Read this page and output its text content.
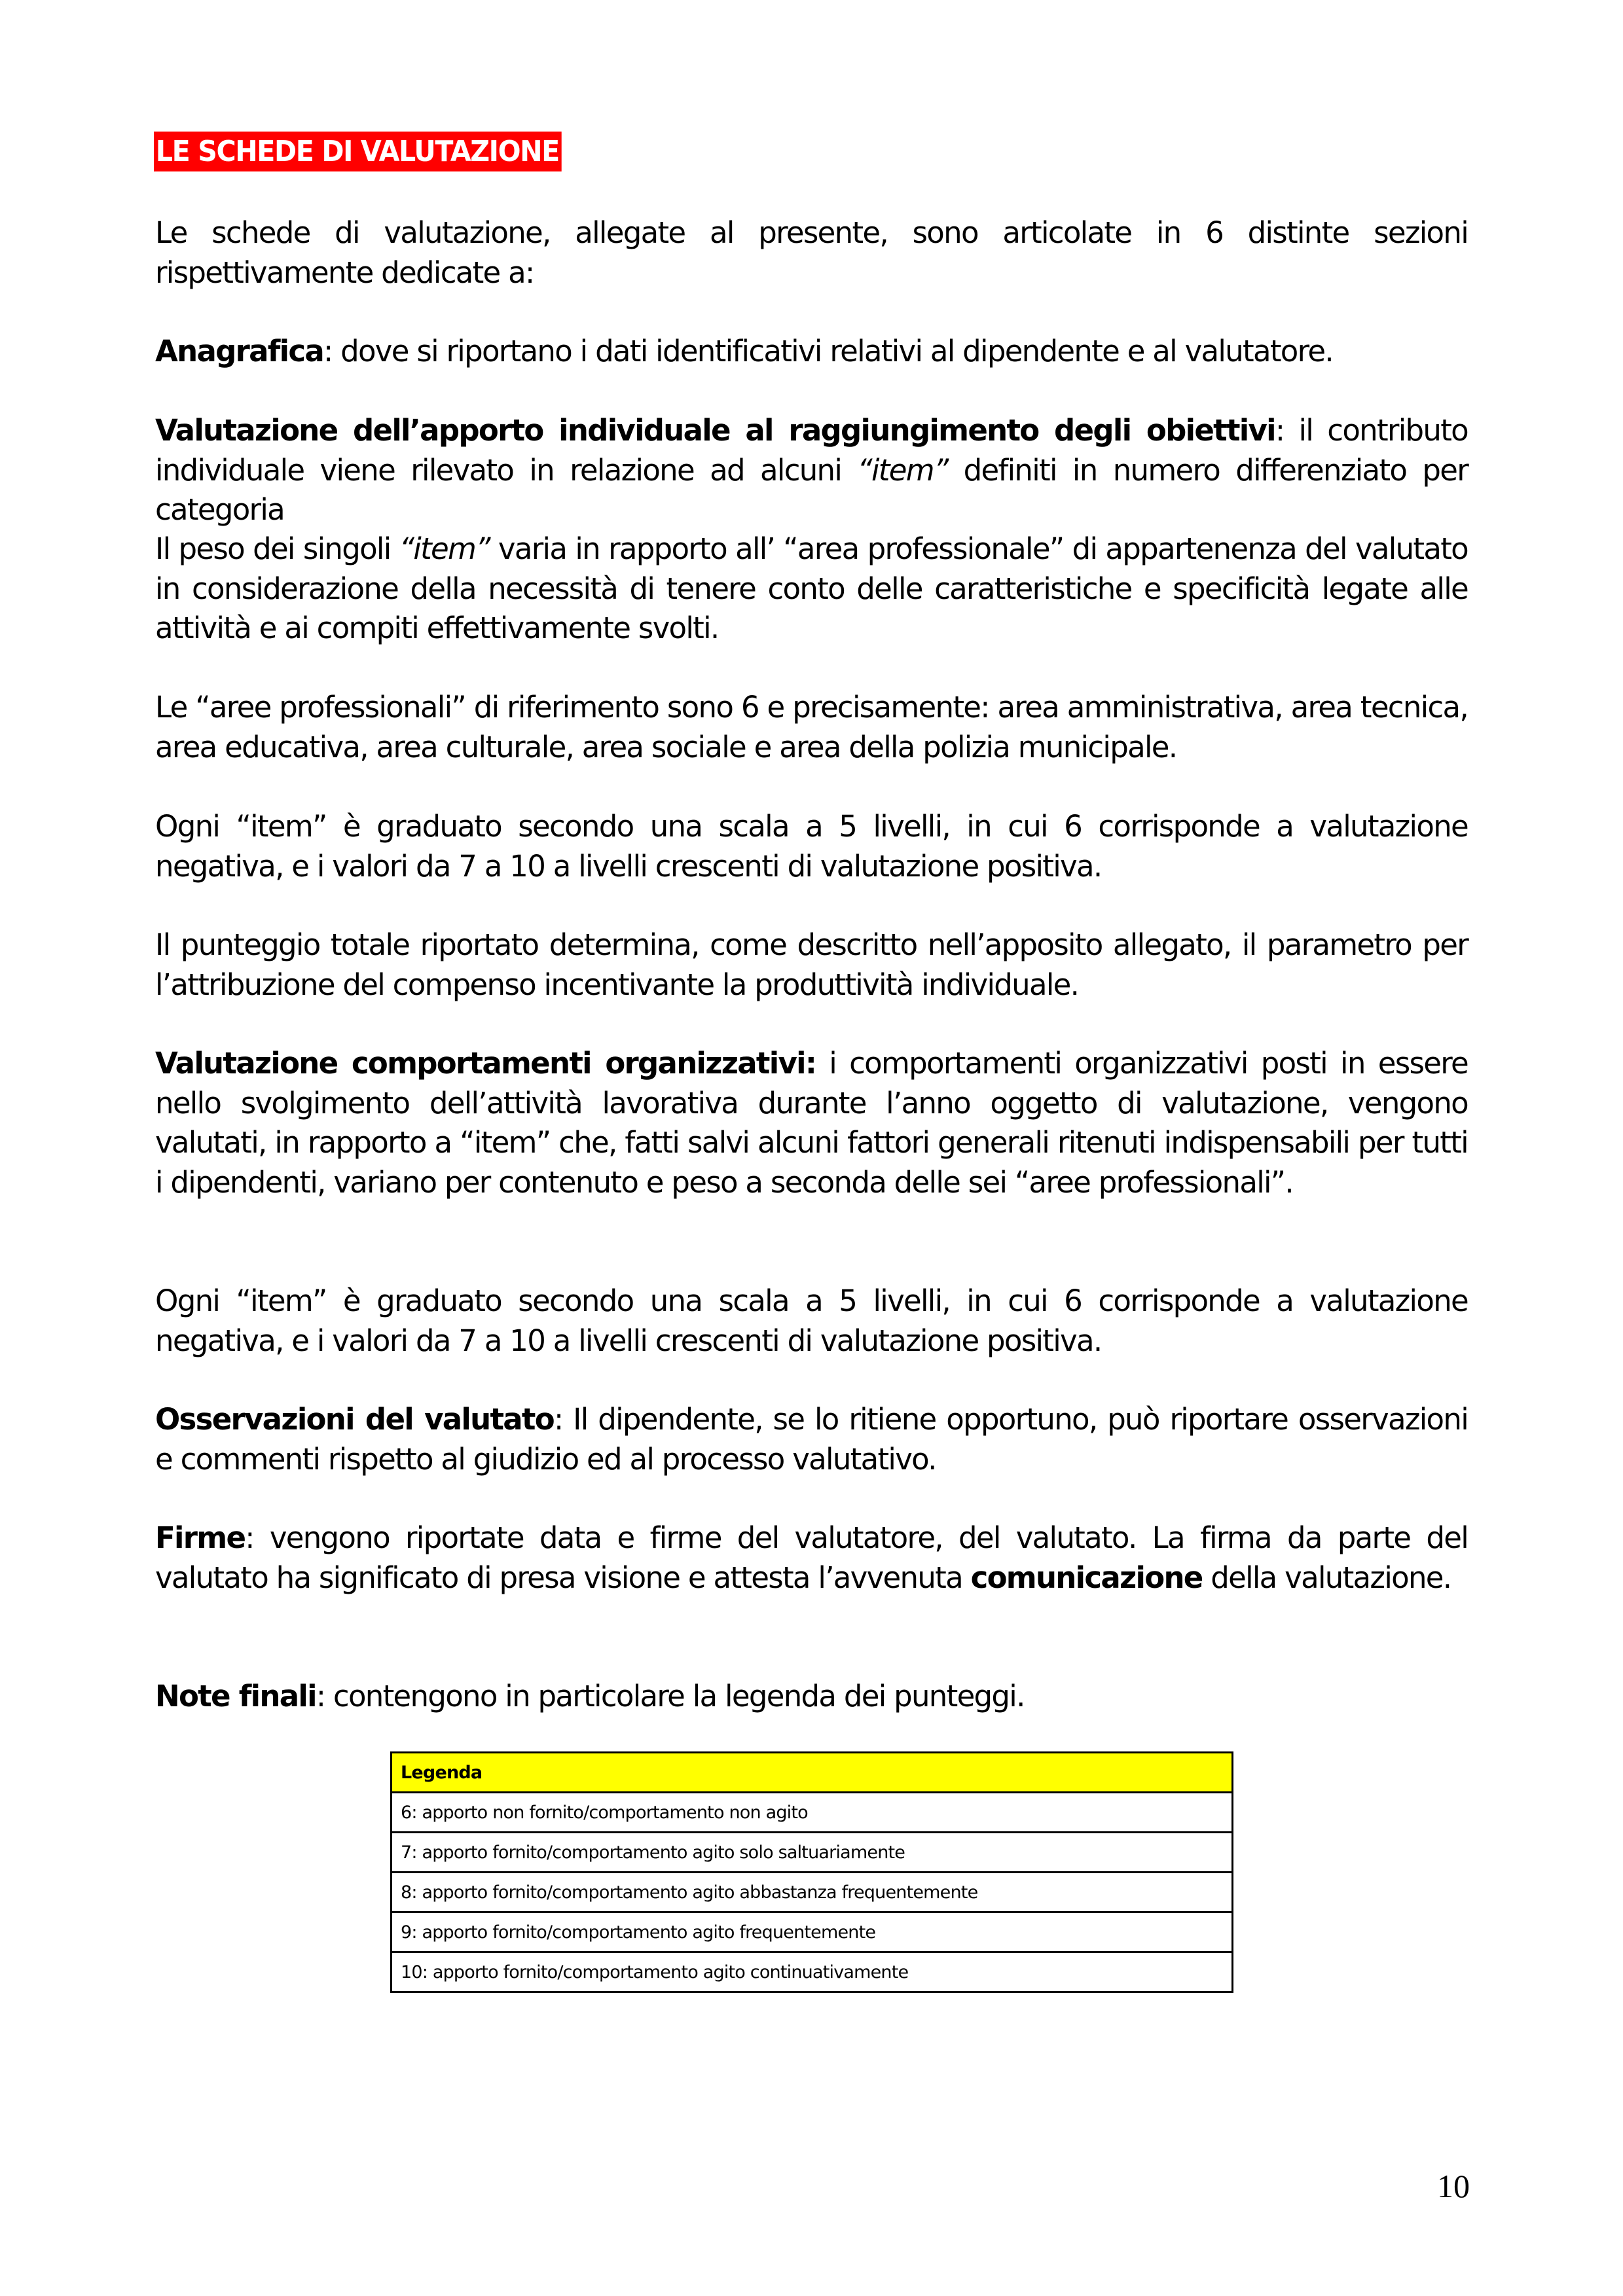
LE SCHEDE DI VALUTAZIONE

Le schede di valutazione, allegate al presente, sono articolate in 6 distinte sezioni rispettivamente dedicate a:

Anagrafica: dove si riportano i dati identificativi relativi al dipendente e al valutatore.

Valutazione dell’apporto individuale al raggiungimento degli obiettivi: il contributo individuale viene rilevato in relazione ad alcuni “item” definiti in numero differenziato per categoria

Il peso dei singoli “item” varia in rapporto all’ “area professionale” di appartenenza del valutato in considerazione della necessità di tenere conto delle caratteristiche e specificità legate alle attività e ai compiti effettivamente svolti.

Le “aree professionali” di riferimento sono 6 e precisamente: area amministrativa, area tecnica, area educativa, area culturale, area sociale e area della polizia municipale.

Ogni “item” è graduato secondo una scala a 5 livelli, in cui 6 corrisponde a valutazione negativa, e i valori da 7 a 10 a livelli crescenti di valutazione positiva.

Il punteggio totale riportato determina, come descritto nell’apposito allegato, il parametro per l’attribuzione del compenso incentivante la produttività individuale.

Valutazione comportamenti organizzativi: i comportamenti organizzativi posti in essere nello svolgimento dell’attività lavorativa durante l’anno oggetto di valutazione, vengono valutati, in rapporto a “item” che, fatti salvi alcuni fattori generali ritenuti indispensabili per tutti i dipendenti, variano per contenuto e peso a seconda delle sei “aree professionali”.

Ogni “item” è graduato secondo una scala a 5 livelli, in cui 6 corrisponde a valutazione negativa, e i valori da 7 a 10 a livelli crescenti di valutazione positiva.

Osservazioni del valutato: Il dipendente, se lo ritiene opportuno, può riportare osservazioni e commenti rispetto al giudizio ed al processo valutativo.

Firme: vengono riportate data e firme del valutatore, del valutato. La firma da parte del valutato ha significato di presa visione e attesta l’avvenuta comunicazione della valutazione.

Note finali: contengono in particolare la legenda dei punteggi.

Legenda
6: apporto non fornito/comportamento non agito
7: apporto fornito/comportamento agito solo saltuariamente
8: apporto fornito/comportamento agito abbastanza frequentemente
9: apporto fornito/comportamento agito frequentemente
10: apporto fornito/comportamento agito continuativamente
10
